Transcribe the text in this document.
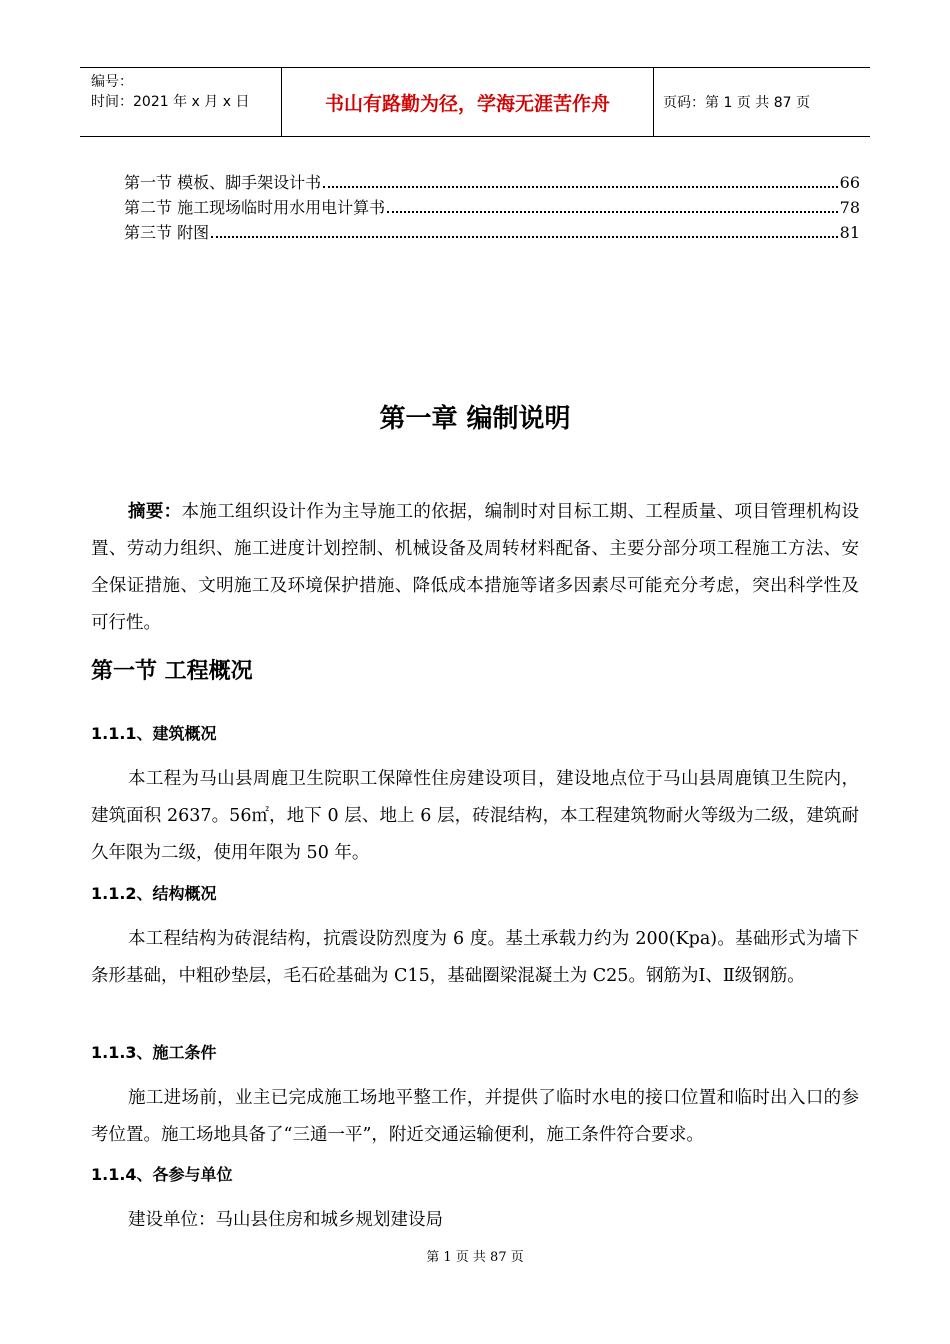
编号：
时间：2021 年 x 月 x 日	书山有路勤为径，学海无涯苦作舟	页码：第 1 页 共 87 页
第一节 模板、脚手架设计书	66
第二节 施工现场临时用水用电计算书	78
第三节 附图	81
第一章 编制说明

摘要：本施工组织设计作为主导施工的依据，编制时对目标工期、工程质量、项目管理机构设置、劳动力组织、施工进度计划控制、机械设备及周转材料配备、主要分部分项工程施工方法、安全保证措施、文明施工及环境保护措施、降低成本措施等诸多因素尽可能充分考虑，突出科学性及可行性。

第一节 工程概况
1.1.1、建筑概况

本工程为马山县周鹿卫生院职工保障性住房建设项目，建设地点位于马山县周鹿镇卫生院内，建筑面积 2637。56㎡，地下 0 层、地上 6 层，砖混结构，本工程建筑物耐火等级为二级，建筑耐久年限为二级，使用年限为 50 年。

1.1.2、结构概况

本工程结构为砖混结构，抗震设防烈度为 6 度。基土承载力约为 200(Kpa)。基础形式为墙下条形基础，中粗砂垫层，毛石砼基础为 C15，基础圈梁混凝土为 C25。钢筋为Ⅰ、Ⅱ级钢筋。

1.1.3、施工条件

施工进场前，业主已完成施工场地平整工作，并提供了临时水电的接口位置和临时出入口的参考位置。施工场地具备了“三通一平”，附近交通运输便利，施工条件符合要求。

1.1.4、各参与单位

建设单位：马山县住房和城乡规划建设局

第 1 页 共 87 页
